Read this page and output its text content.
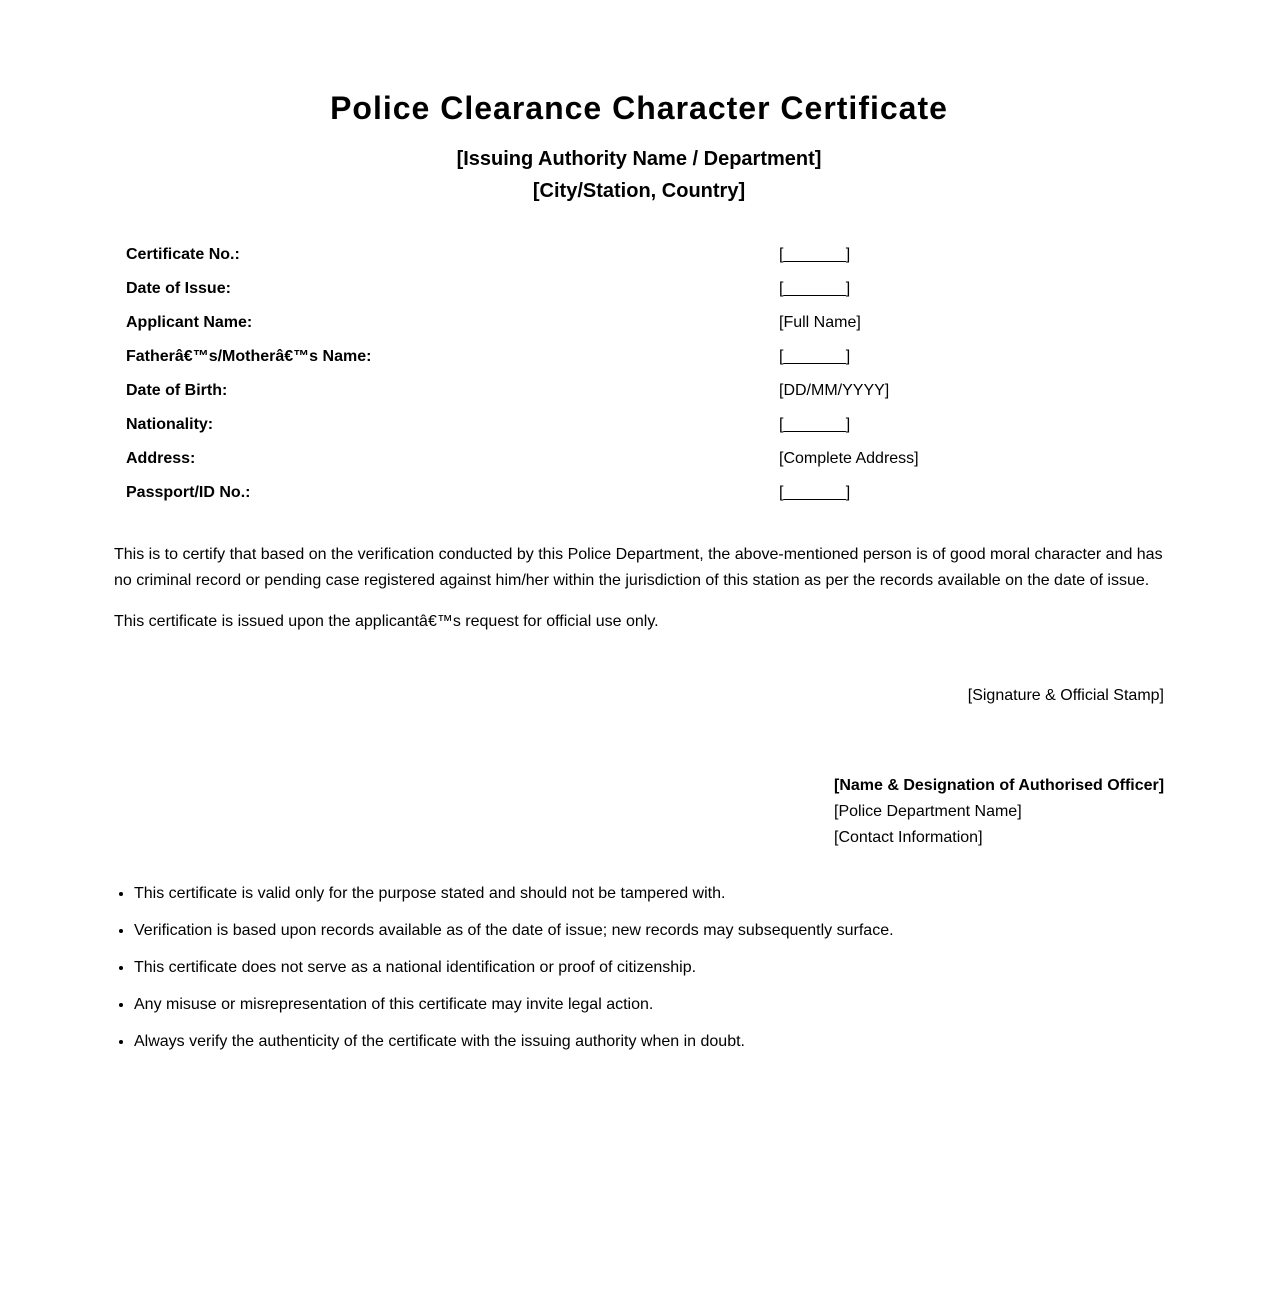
Police Clearance Character Certificate
[Issuing Authority Name / Department]
[City/Station, Country]
Certificate No.:	[_______]
Date of Issue:	[_______]
Applicant Name:	[Full Name]
Fatherâ€™s/Motherâ€™s Name:	[_______]
Date of Birth:	[DD/MM/YYYY]
Nationality:	[_______]
Address:	[Complete Address]
Passport/ID No.:	[_______]

This is to certify that based on the verification conducted by this Police Department, the above-mentioned person is of good moral character and has no criminal record or pending case registered against him/her within the jurisdiction of this station as per the records available on the date of issue.

This certificate is issued upon the applicantâ€™s request for official use only.

[Signature & Official Stamp]
[Name & Designation of Authorised Officer]
[Police Department Name]
[Contact Information]
• This certificate is valid only for the purpose stated and should not be tampered with.
• Verification is based upon records available as of the date of issue; new records may subsequently surface.
• This certificate does not serve as a national identification or proof of citizenship.
• Any misuse or misrepresentation of this certificate may invite legal action.
• Always verify the authenticity of the certificate with the issuing authority when in doubt.
